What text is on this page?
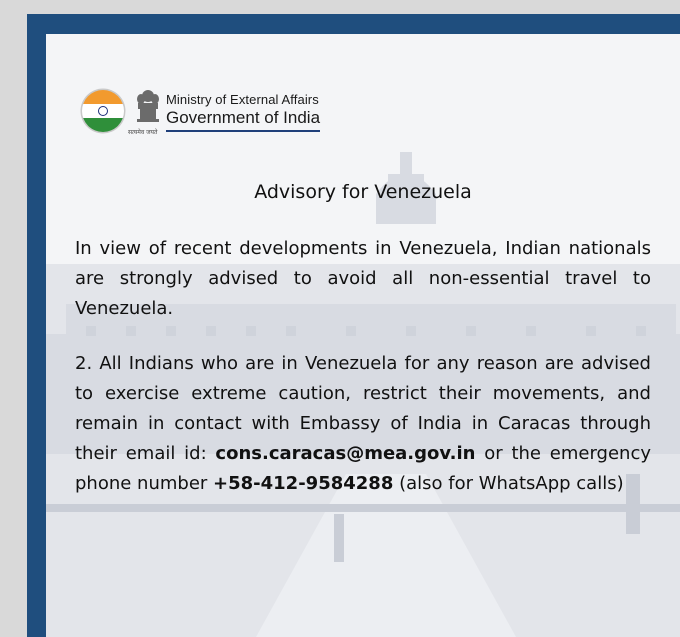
Ministry of External Affairs
Government of India
सत्यमेव जयते
Advisory for Venezuela
In view of recent developments in Venezuela, Indian nationals are strongly advised to avoid all non-essential travel to Venezuela.
2. All Indians who are in Venezuela for any reason are advised to exercise extreme caution, restrict their movements, and remain in contact with Embassy of India in Caracas through their email id: cons.caracas@mea.gov.in or the emergency phone number +58-412-9584288 (also for WhatsApp calls)
